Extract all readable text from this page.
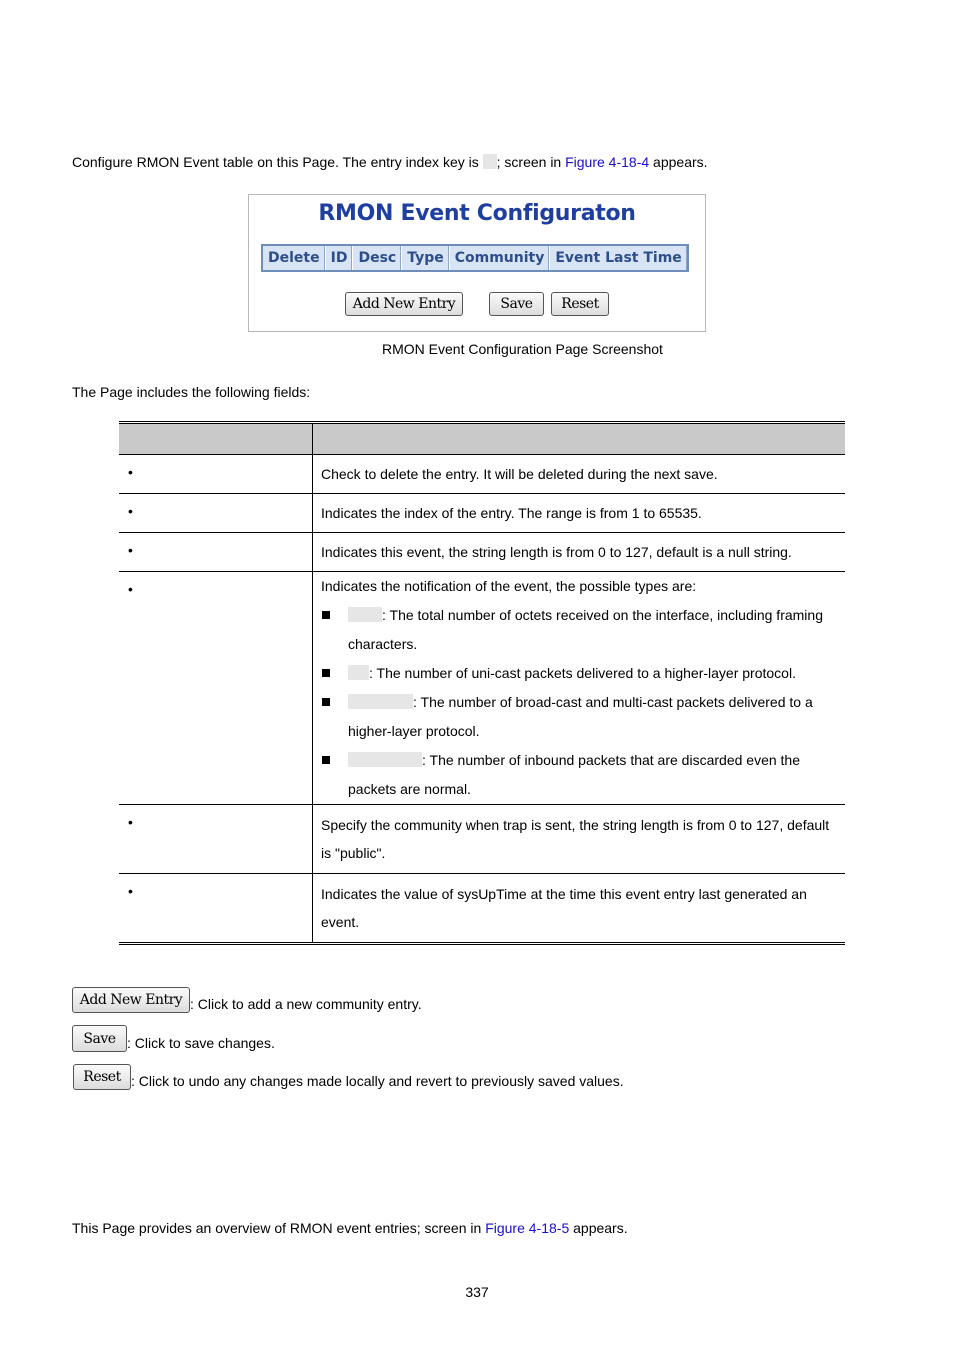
Configure RMON Event table on this Page. The entry index key is ; screen in Figure 4-18-4 appears.
RMON Event Configuraton
Delete	ID	Desc	Type	Community	Event Last Time
Add New Entry	Save	Reset
RMON Event Configuration Page Screenshot
The Page includes the following fields:

•	Check to delete the entry. It will be deleted during the next save.

•	Indicates the index of the entry. The range is from 1 to 65535.

•	Indicates this event, the string length is from 0 to 127, default is a null string.

•	Indicates the notification of the event, the possible types are:
: The total number of octets received on the interface, including framing characters.
: The number of uni-cast packets delivered to a higher-layer protocol.
: The number of broad-cast and multi-cast packets delivered to a higher-layer protocol.
: The number of inbound packets that are discarded even the packets are normal.

•	Specify the community when trap is sent, the string length is from 0 to 127, default is "public".

•	Indicates the value of sysUpTime at the time this event entry last generated an event.
Add New Entry : Click to add a new community entry.
Save : Click to save changes.
Reset : Click to undo any changes made locally and revert to previously saved values.
This Page provides an overview of RMON event entries; screen in Figure 4-18-5 appears.
337
